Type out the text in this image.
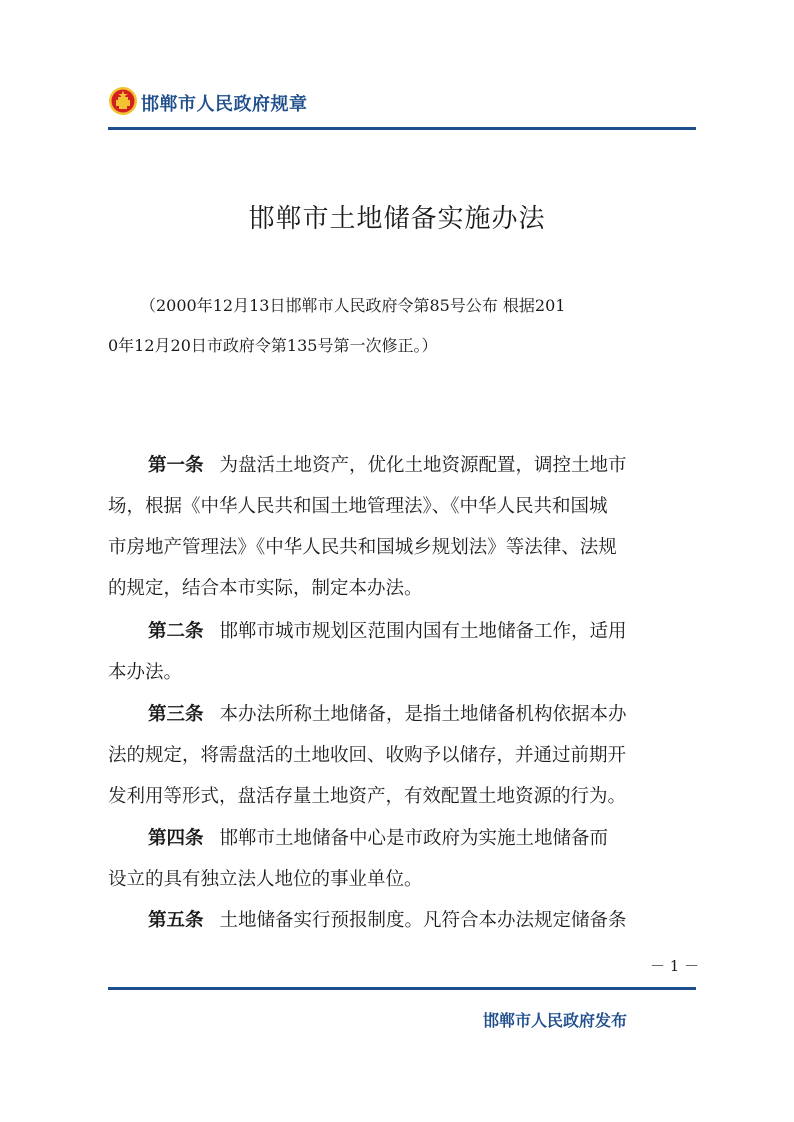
邯郸市人民政府规章
邯郸市土地储备实施办法
（2000年12月13日邯郸市人民政府令第85号公布 根据201
0年12月20日市政府令第135号第一次修正。）
第一条 为盘活土地资产，优化土地资源配置，调控土地市
场，根据《中华人民共和国土地管理法》、《中华人民共和国城
市房地产管理法》《中华人民共和国城乡规划法》等法律、法规
的规定，结合本市实际，制定本办法。
第二条 邯郸市城市规划区范围内国有土地储备工作，适用
本办法。
第三条 本办法所称土地储备，是指土地储备机构依据本办
法的规定，将需盘活的土地收回、收购予以储存，并通过前期开
发利用等形式，盘活存量土地资产，有效配置土地资源的行为。
第四条 邯郸市土地储备中心是市政府为实施土地储备而
设立的具有独立法人地位的事业单位。
第五条 土地储备实行预报制度。凡符合本办法规定储备条
－ 1 －
邯郸市人民政府发布
